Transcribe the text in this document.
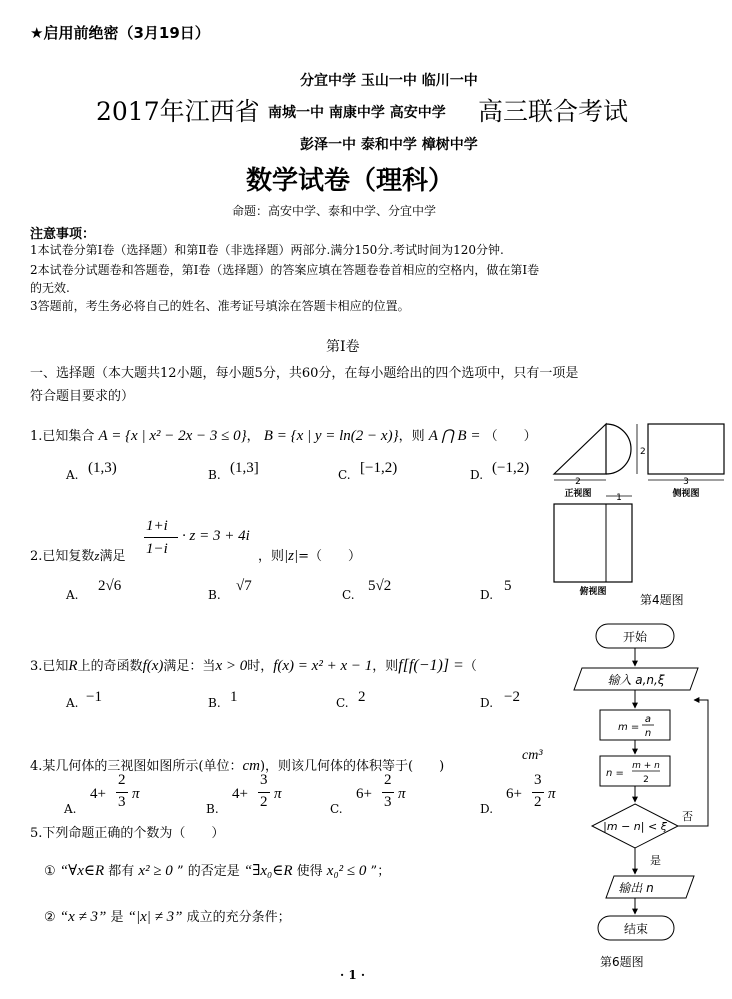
★启用前绝密（3月19日）
分宜中学 玉山一中 临川一中
2017年江西省 南城一中 南康中学 高安中学 高三联合考试
彭泽一中 泰和中学 樟树中学
数学试卷（理科）
命题：高安中学、泰和中学、分宜中学
注意事项：
1本试卷分第Ⅰ卷（选择题）和第Ⅱ卷（非选择题）两部分.满分150分.考试时间为120分钟.
2本试卷分试题卷和答题卷，第Ⅰ卷（选择题）的答案应填在答题卷卷首相应的空格内，做在第Ⅰ卷
的无效.
3答题前，考生务必将自己的姓名、准考证号填涂在答题卡相应的位置。
第Ⅰ卷
一、选择题（本大题共12小题，每小题5分，共60分，在每小题给出的四个选项中，只有一项是
符合题目要求的）
1.已知集合 A = {x | x² − 2x − 3 ≤ 0}， B = {x | y = ln(2 − x)}，则 A ⋂ B = （　　）
A. (1,3)	B. (1,3]	C. [−1,2)	D. (−1,2)
2.已知复数z满足
1+i
1−i
· z = 3 + 4i
，则|z|=（　　）
A.
2√6
B.
√7
C.
5√2
D.
5
3.已知R上的奇函数f(x)满足：当x > 0时，f(x) = x² + x − 1，则f[f(−1)] =（
A. −1	B. 1	C. 2	D. −2
4.某几何体的三视图如图所示(单位：cm)，则该几何体的体积等于(　　)
cm³
A.
4+
2
3 π
B.
4+
3
2 π
C.
6+
2
3 π
D.
6+
3
2 π
5.下列命题正确的个数为（　　）
① “∀x∈R 都有 x² ≥ 0 ” 的否定是 “∃x₀∈R 使得 x₀² ≤ 0 ”；
② “x ≠ 3” 是 “|x| ≠ 3” 成立的充分条件；
2
2
正视图
3
侧视图
1
俯视图
第4题图
开始
输入 a,n,ξ
m =
a
n
n =
m + n
2
|m − n| < ξ
否
是
输出 n
结束
第6题图
· 1 ·
